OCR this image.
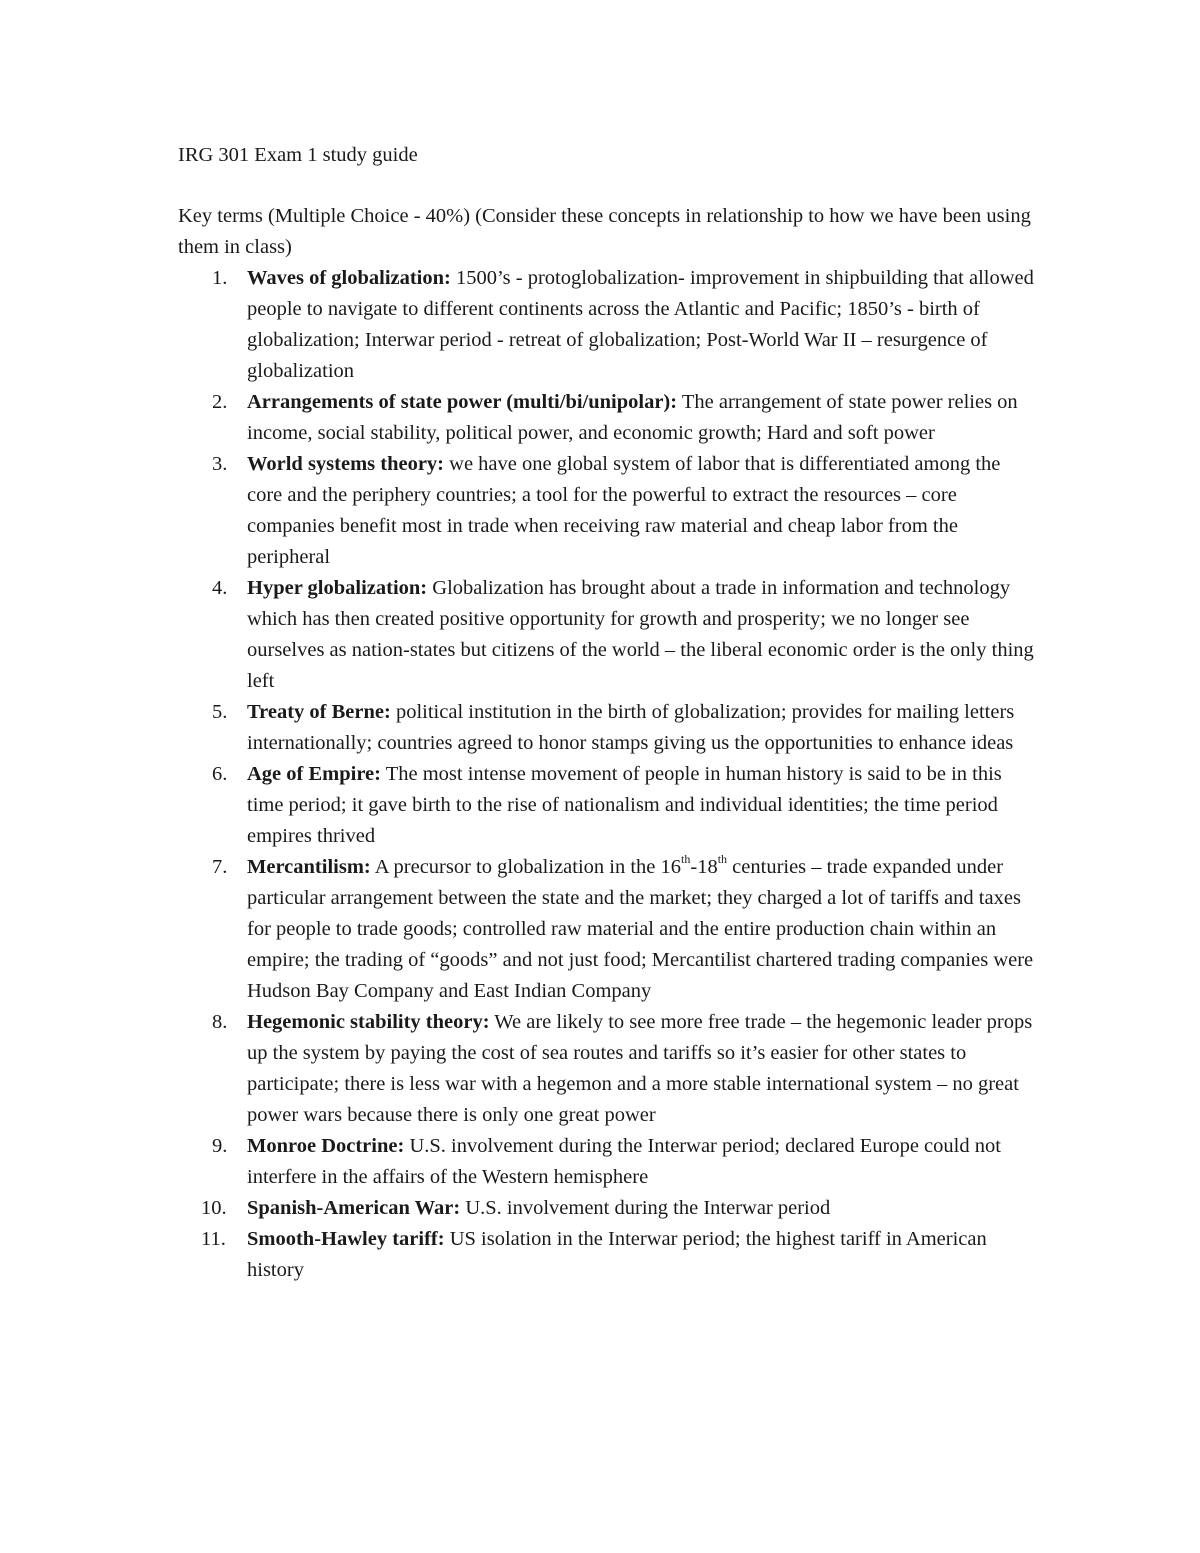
IRG 301 Exam 1 study guide

Key terms (Multiple Choice - 40%) (Consider these concepts in relationship to how we have been using them in class)

1. Waves of globalization: 1500’s - protoglobalization- improvement in shipbuilding that allowed people to navigate to different continents across the Atlantic and Pacific; 1850’s - birth of globalization; Interwar period - retreat of globalization; Post-World War II – resurgence of globalization
2. Arrangements of state power (multi/bi/unipolar): The arrangement of state power relies on income, social stability, political power, and economic growth; Hard and soft power
3. World systems theory: we have one global system of labor that is differentiated among the core and the periphery countries; a tool for the powerful to extract the resources – core companies benefit most in trade when receiving raw material and cheap labor from the peripheral
4. Hyper globalization: Globalization has brought about a trade in information and technology which has then created positive opportunity for growth and prosperity; we no longer see ourselves as nation-states but citizens of the world – the liberal economic order is the only thing left
5. Treaty of Berne: political institution in the birth of globalization; provides for mailing letters internationally; countries agreed to honor stamps giving us the opportunities to enhance ideas
6. Age of Empire: The most intense movement of people in human history is said to be in this time period; it gave birth to the rise of nationalism and individual identities; the time period empires thrived
7. Mercantilism: A precursor to globalization in the 16th-18th centuries – trade expanded under particular arrangement between the state and the market; they charged a lot of tariffs and taxes for people to trade goods; controlled raw material and the entire production chain within an empire; the trading of “goods” and not just food; Mercantilist chartered trading companies were Hudson Bay Company and East Indian Company
8. Hegemonic stability theory: We are likely to see more free trade – the hegemonic leader props up the system by paying the cost of sea routes and tariffs so it’s easier for other states to participate; there is less war with a hegemon and a more stable international system – no great power wars because there is only one great power
9. Monroe Doctrine: U.S. involvement during the Interwar period; declared Europe could not interfere in the affairs of the Western hemisphere
10. Spanish-American War: U.S. involvement during the Interwar period
11. Smooth-Hawley tariff: US isolation in the Interwar period; the highest tariff in American history
